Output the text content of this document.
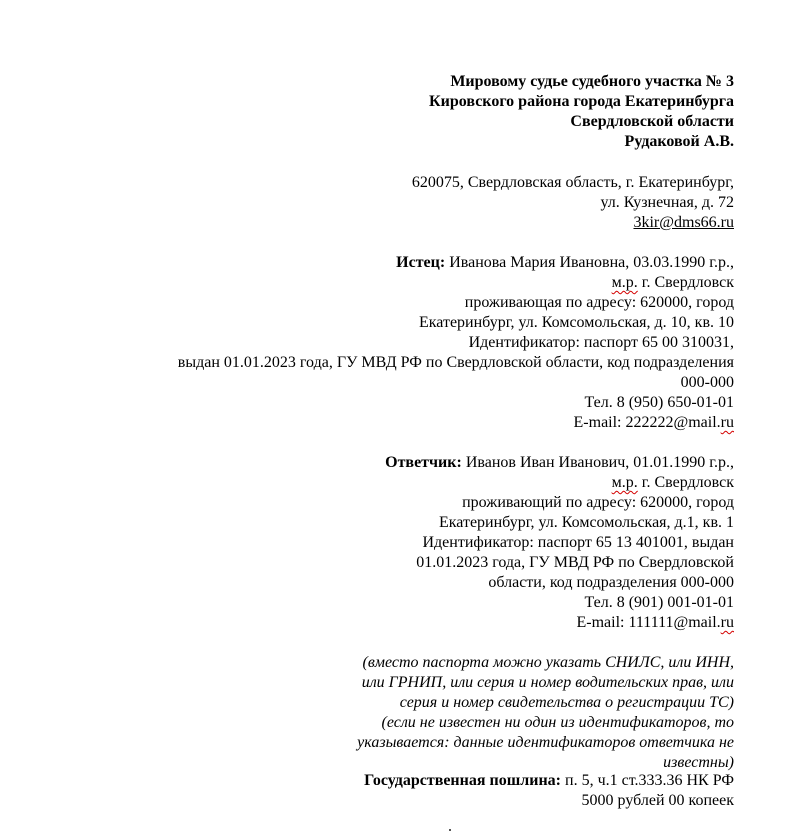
Мировому судье судебного участка № 3
Кировского района города Екатеринбурга
Свердловской области
Рудаковой А.В.
620075, Свердловская область, г. Екатеринбург,
ул. Кузнечная, д. 72
3kir@dms66.ru
Истец: Иванова Мария Ивановна, 03.03.1990 г.р.,
м.р. г. Свердловск
проживающая по адресу: 620000, город
Екатеринбург, ул. Комсомольская, д. 10, кв. 10
Идентификатор: паспорт 65 00 310031,
выдан 01.01.2023 года, ГУ МВД РФ по Свердловской области, код подразделения
000-000
Тел. 8 (950) 650-01-01
E-mail: 222222@mail.ru
Ответчик: Иванов Иван Иванович, 01.01.1990 г.р.,
м.р. г. Свердловск
проживающий по адресу: 620000, город
Екатеринбург, ул. Комсомольская, д.1, кв. 1
Идентификатор: паспорт 65 13 401001, выдан
01.01.2023 года, ГУ МВД РФ по Свердловской
области, код подразделения 000-000
Тел. 8 (901) 001-01-01
E-mail: 111111@mail.ru
(вместо паспорта можно указать СНИЛС, или ИНН,
или ГРНИП, или серия и номер водительских прав, или
серия и номер свидетельства о регистрации ТС)
(если не известен ни один из идентификаторов, то
указывается: данные идентификаторов ответчика не
известны)
Государственная пошлина: п. 5, ч.1 ст.333.36 НК РФ
5000 рублей 00 копеек
